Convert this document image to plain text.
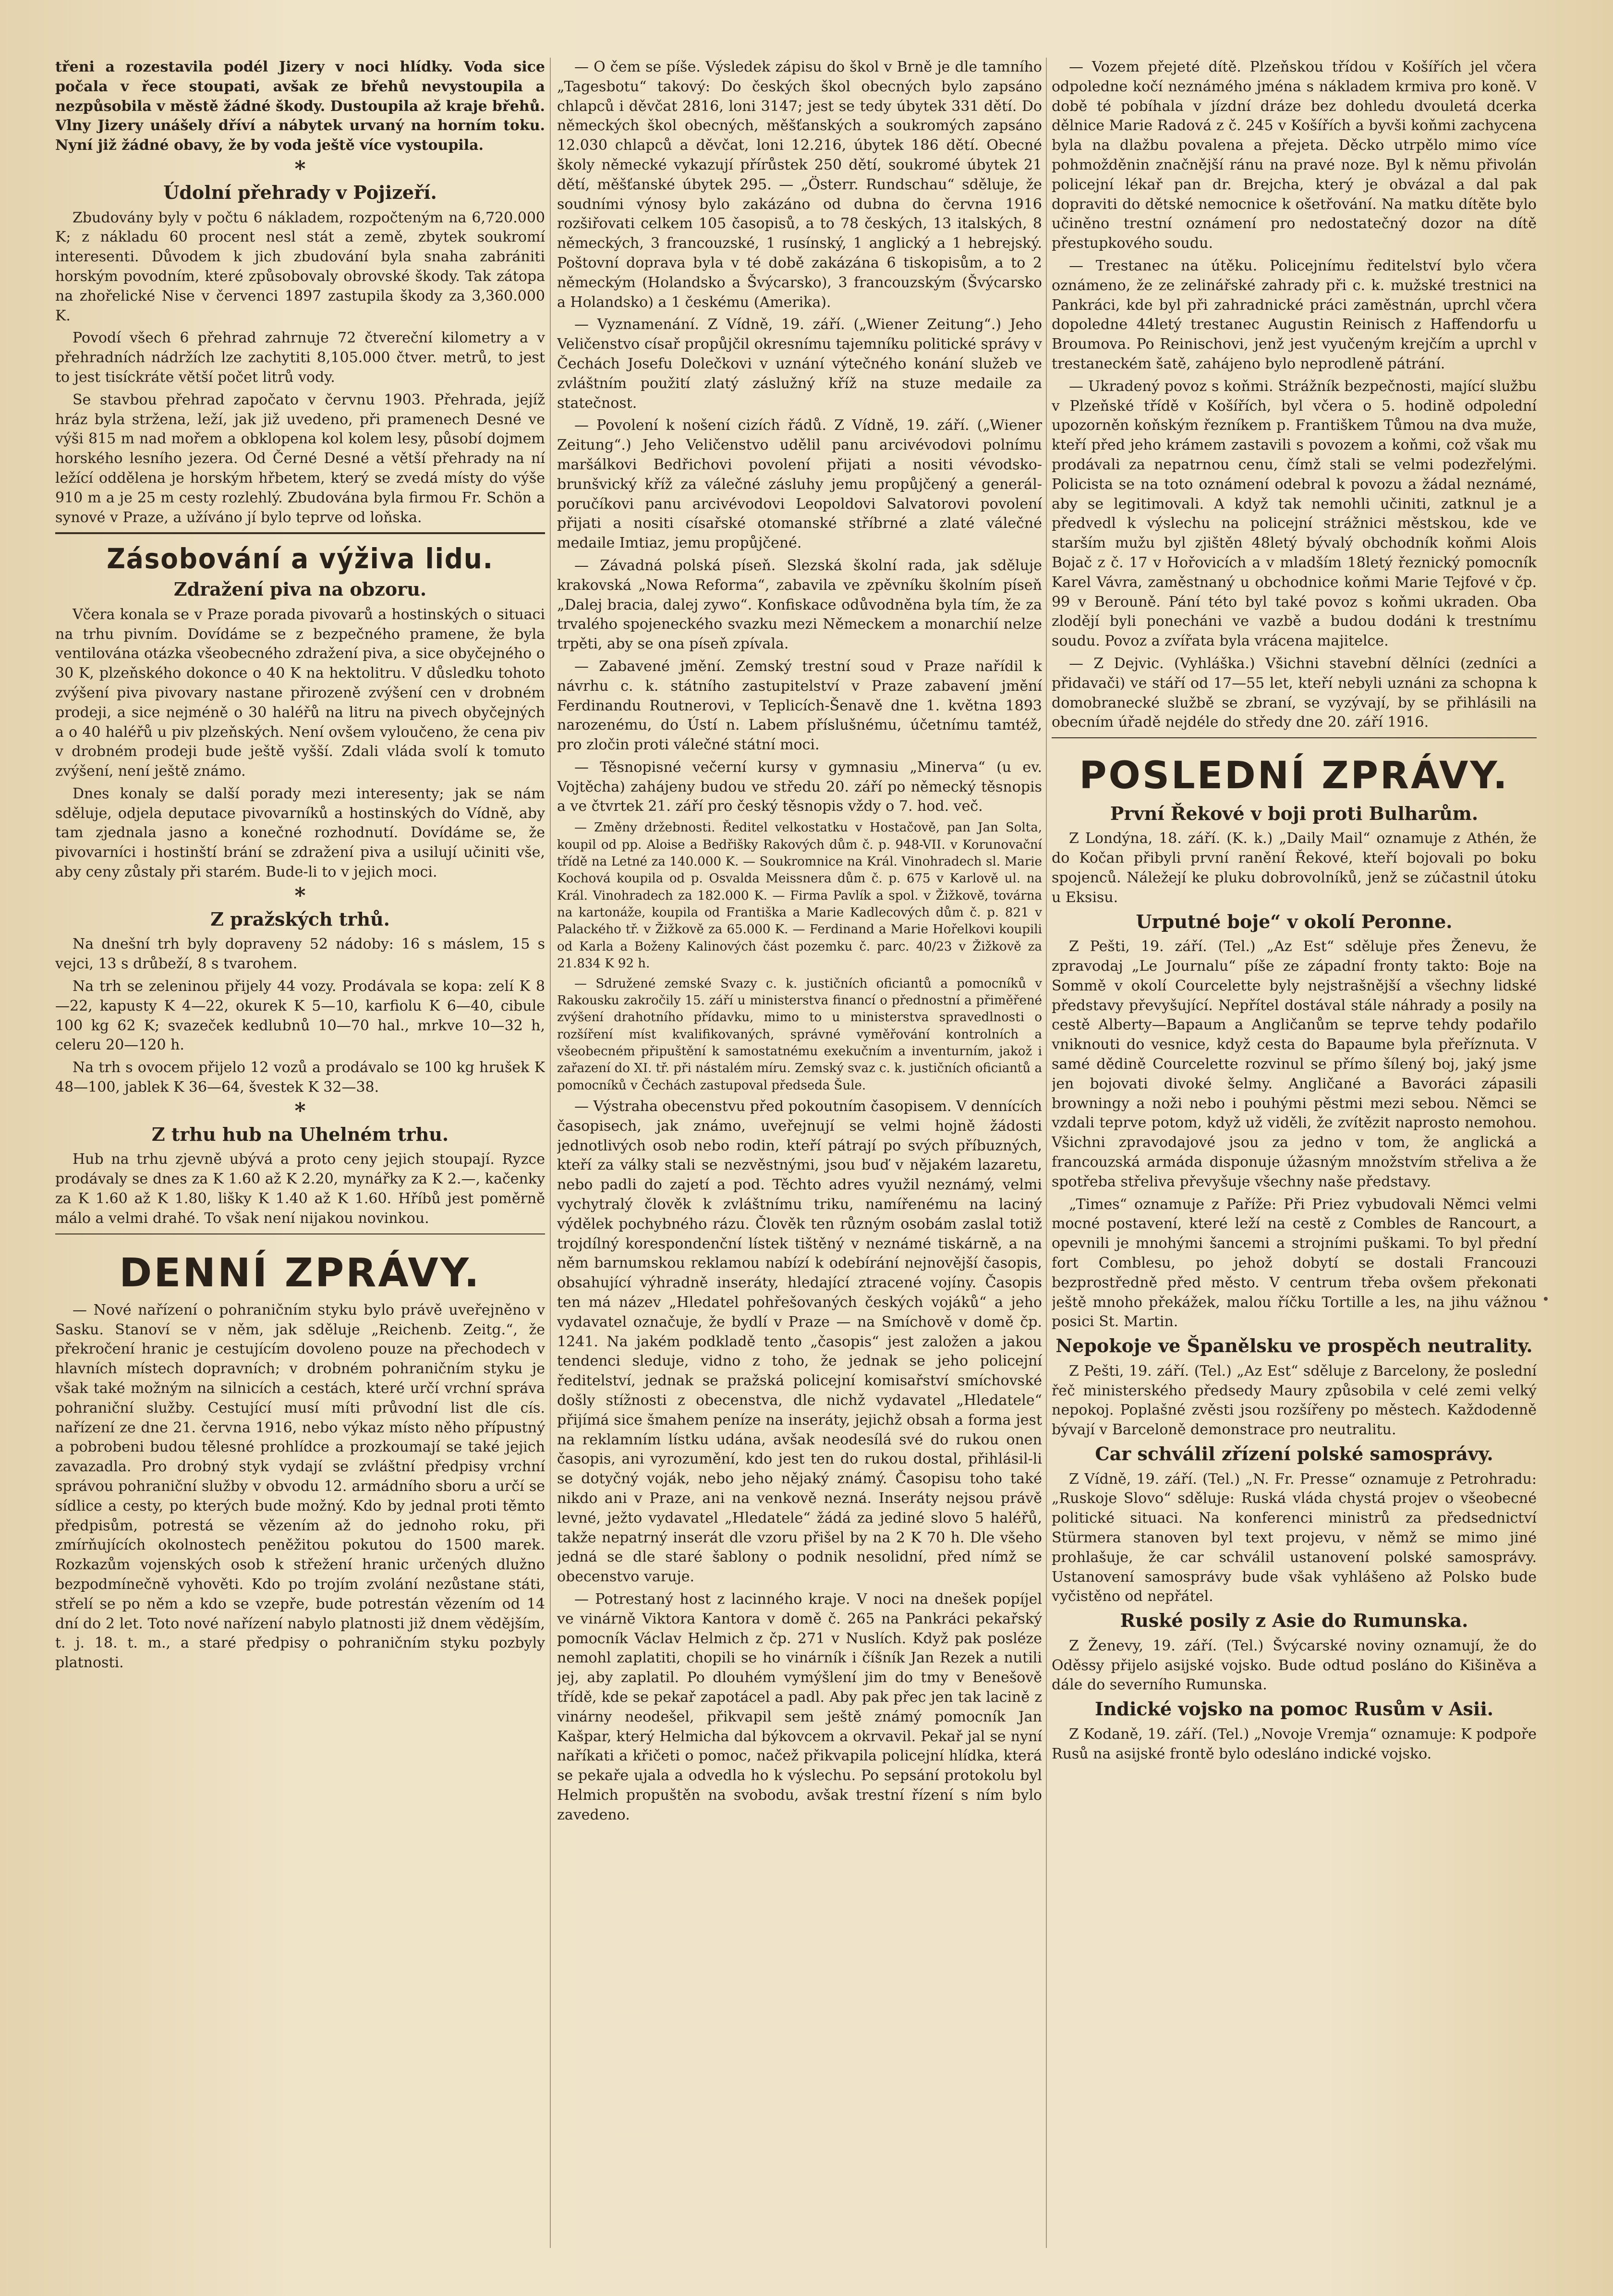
třeni a rozestavila podél Jizery v noci hlídky. Voda sice počala v řece stoupati, avšak ze břehů nevystoupila a nezpůsobila v městě žádné škody. Dustoupila až kraje břehů. Vlny Jizery unášely dříví a nábytek urvaný na horním toku. Nyní již žádné obavy, že by voda ještě více vystoupila.

*
Údolní přehrady v Pojizeří.

Zbudovány byly v počtu 6 nákladem, rozpočteným na 6,720.000 K; z nákladu 60 procent nesl stát a země, zbytek soukromí interesenti. Důvodem k jich zbudování byla snaha zabrániti horským povodním, které způsobovaly obrovské škody. Tak zátopa na zhořelické Nise v červenci 1897 zastupila škody za 3,360.000 K.

Povodí všech 6 přehrad zahrnuje 72 čtvereční kilometry a v přehradních nádržích lze zachytiti 8,105.000 čtver. metrů, to jest to jest tisíckráte větší počet litrů vody.

Se stavbou přehrad započato v červnu 1903. Přehrada, jejíž hráz byla stržena, leží, jak již uvedeno, při pramenech Desné ve výši 815 m nad mořem a obklopena kol kolem lesy, působí dojmem horského lesního jezera. Od Černé Desné a větší přehrady na ní ležící oddělena je horským hřbetem, který se zvedá místy do výše 910 m a je 25 m cesty rozlehlý. Zbudována byla firmou Fr. Schön a synové v Praze, a užíváno jí bylo teprve od loňska.

Zásobování a výživa lidu.
Zdražení piva na obzoru.

Včera konala se v Praze porada pivovarů a hostinských o situaci na trhu pivním. Dovídáme se z bezpečného pramene, že byla ventilována otázka všeobecného zdražení piva, a sice obyčejného o 30 K, plzeňského dokonce o 40 K na hektolitru. V důsledku tohoto zvýšení piva pivovary nastane přirozeně zvýšení cen v drobném prodeji, a sice nejméně o 30 haléřů na litru na pivech obyčejných a o 40 haléřů u piv plzeňských. Není ovšem vyloučeno, že cena piv v drobném prodeji bude ještě vyšší. Zdali vláda svolí k tomuto zvýšení, není ještě známo.

Dnes konaly se další porady mezi interesenty; jak se nám sděluje, odjela deputace pivovarníků a hostinských do Vídně, aby tam zjednala jasno a konečné rozhodnutí. Dovídáme se, že pivovarníci i hostinští brání se zdražení piva a usilují učiniti vše, aby ceny zůstaly při starém. Bude-li to v jejich moci.

*
Z pražských trhů.

Na dnešní trh byly dopraveny 52 nádoby: 16 s máslem, 15 s vejci, 13 s drůbeží, 8 s tvarohem.

Na trh se zeleninou přijely 44 vozy. Prodávala se kopa: zelí K 8—22, kapusty K 4—22, okurek K 5—10, karfiolu K 6—40, cibule 100 kg 62 K; svazeček kedlubnů 10—70 hal., mrkve 10—32 h, celeru 20—120 h.

Na trh s ovocem přijelo 12 vozů a prodávalo se 100 kg hrušek K 48—100, jablek K 36—64, švestek K 32—38.

*
Z trhu hub na Uhelném trhu.

Hub na trhu zjevně ubývá a proto ceny jejich stoupají. Ryzce prodávaly se dnes za K 1.60 až K 2.20, mynářky za K 2.—, kačenky za K 1.60 až K 1.80, lišky K 1.40 až K 1.60. Hříbů jest poměrně málo a velmi drahé. To však není nijakou novinkou.

DENNÍ ZPRÁVY.

— Nové nařízení o pohraničním styku bylo právě uveřejněno v Sasku. Stanoví se v něm, jak sděluje „Reichenb. Zeitg.“, že překročení hranic je cestujícím dovoleno pouze na přechodech v hlavních místech dopravních; v drobném pohraničním styku je však také možným na silnicích a cestách, které určí vrchní správa pohraniční služby. Cestující musí míti průvodní list dle cís. nařízení ze dne 21. června 1916, nebo výkaz místo něho přípustný a pobrobeni budou tělesné prohlídce a prozkoumají se také jejich zavazadla. Pro drobný styk vydají se zvláštní předpisy vrchní správou pohraniční služby v obvodu 12. armádního sboru a určí se sídlice a cesty, po kterých bude možný. Kdo by jednal proti těmto předpisům, potrestá se vězením až do jednoho roku, při zmírňujících okolnostech peněžitou pokutou do 1500 marek. Rozkazům vojenských osob k střežení hranic určených dlužno bezpodmínečně vyhověti. Kdo po trojím zvolání nezůstane státi, střelí se po něm a kdo se vzepře, bude potrestán vězením od 14 dní do 2 let. Toto nové nařízení nabylo platnosti již dnem vědějším, t. j. 18. t. m., a staré předpisy o pohraničním styku pozbyly platnosti.

— O čem se píše. Výsledek zápisu do škol v Brně je dle tamního „Tagesbotu“ takový: Do českých škol obecných bylo zapsáno chlapců i děvčat 2816, loni 3147; jest se tedy úbytek 331 dětí. Do německých škol obecných, měšťanských a soukromých zapsáno 12.030 chlapců a děvčat, loni 12.216, úbytek 186 dětí. Obecné školy německé vykazují přírůstek 250 dětí, soukromé úbytek 21 dětí, měšťanské úbytek 295. — „Österr. Rundschau“ sděluje, že soudními výnosy bylo zakázáno od dubna do června 1916 rozšiřovati celkem 105 časopisů, a to 78 českých, 13 italských, 8 německých, 3 francouzské, 1 rusínský, 1 anglický a 1 hebrejský. Poštovní doprava byla v té době zakázána 6 tiskopisům, a to 2 německým (Holandsko a Švýcarsko), 3 francouzským (Švýcarsko a Holandsko) a 1 českému (Amerika).

— Vyznamenání. Z Vídně, 19. září. („Wiener Zeitung“.) Jeho Veličenstvo císař propůjčil okresnímu tajemníku politické správy v Čechách Josefu Dolečkovi v uznání výtečného konání služeb ve zvláštním použití zlatý záslužný kříž na stuze medaile za statečnost.

— Povolení k nošení cizích řádů. Z Vídně, 19. září. („Wiener Zeitung“.) Jeho Veličenstvo udělil panu arcivévodovi polnímu maršálkovi Bedřichovi povolení přijati a nositi vévodsko-brunšvický kříž za válečné zásluhy jemu propůjčený a generál-poručíkovi panu arcivévodovi Leopoldovi Salvatorovi povolení přijati a nositi císařské otomanské stříbrné a zlaté válečné medaile Imtiaz, jemu propůjčené.

— Závadná polská píseň. Slezská školní rada, jak sděluje krakovská „Nowa Reforma“, zabavila ve zpěvníku školním píseň „Dalej bracia, dalej zywo“. Konfiskace odůvodněna byla tím, že za trvalého spojeneckého svazku mezi Německem a monarchií nelze trpěti, aby se ona píseň zpívala.

— Zabavené jmění. Zemský trestní soud v Praze nařídil k návrhu c. k. státního zastupitelství v Praze zabavení jmění Ferdinandu Routnerovi, v Teplicích-Šenavě dne 1. května 1893 narozenému, do Ústí n. Labem příslušnému, účetnímu tamtéž, pro zločin proti válečné státní moci.

— Těsnopisné večerní kursy v gymnasiu „Minerva“ (u ev. Vojtěcha) zahájeny budou ve středu 20. září po německý těsnopis a ve čtvrtek 21. září pro český těsnopis vždy o 7. hod. več.

— Změny držebnosti. Ředitel velkostatku v Hostačově, pan Jan Solta, koupil od pp. Aloise a Bedřišky Rakových dům č. p. 948-VII. v Korunovační třídě na Letné za 140.000 K. — Soukromnice na Král. Vinohradech sl. Marie Kochová koupila od p. Osvalda Meissnera dům č. p. 675 v Karlově ul. na Král. Vinohradech za 182.000 K. — Firma Pavlík a spol. v Žižkově, továrna na kartonáže, koupila od Františka a Marie Kadlecových dům č. p. 821 v Palackého tř. v Žižkově za 65.000 K. — Ferdinand a Marie Hořelkovi koupili od Karla a Boženy Kalinových část pozemku č. parc. 40/23 v Žižkově za 21.834 K 92 h.

— Sdružené zemské Svazy c. k. justičních oficiantů a pomocníků v Rakousku zakročily 15. září u ministerstva financí o přednostní a přiměřené zvýšení drahotního přídavku, mimo to u ministerstva spravedlnosti o rozšíření míst kvalifikovaných, správné vyměřování kontrolních a všeobecném připuštění k samostatnému exekučním a inventurním, jakož i zařazení do XI. tř. při nástalém míru. Zemský svaz c. k. justičních oficiantů a pomocníků v Čechách zastupoval předseda Šule.

— Výstraha obecenstvu před pokoutním časopisem. V dennících časopisech, jak známo, uveřejnují se velmi hojně žádosti jednotlivých osob nebo rodin, kteří pátrají po svých příbuzných, kteří za války stali se nezvěstnými, jsou buď v nějakém lazaretu, nebo padli do zajetí a pod. Těchto adres využil neznámý, velmi vychytralý člověk k zvláštnímu triku, namířenému na laciný výdělek pochybného rázu. Člověk ten různým osobám zaslal totiž trojdílný korespondenční lístek tištěný v neznámé tiskárně, a na něm barnumskou reklamou nabízí k odebírání nejnovější časopis, obsahující výhradně inseráty, hledající ztracené vojíny. Časopis ten má název „Hledatel pohřešovaných českých vojáků“ a jeho vydavatel označuje, že bydlí v Praze — na Smíchově v domě čp. 1241. Na jakém podkladě tento „časopis“ jest založen a jakou tendenci sleduje, vidno z toho, že jednak se jeho policejní ředitelství, jednak se pražská policejní komisařství smíchovské došly stížnosti z obecenstva, dle nichž vydavatel „Hledatele“ přijímá sice šmahem peníze na inseráty, jejichž obsah a forma jest na reklamním lístku udána, avšak neodesílá své do rukou onen časopis, ani vyrozumění, kdo jest ten do rukou dostal, přihlásil-li se dotyčný voják, nebo jeho nějaký známý. Časopisu toho také nikdo ani v Praze, ani na venkově nezná. Inseráty nejsou právě levné, ježto vydavatel „Hledatele“ žádá za jediné slovo 5 haléřů, takže nepatrný inserát dle vzoru přišel by na 2 K 70 h. Dle všeho jedná se dle staré šablony o podnik nesolidní, před nímž se obecenstvo varuje.

— Potrestaný host z lacinného kraje. V noci na dnešek popíjel ve vinárně Viktora Kantora v domě č. 265 na Pankráci pekařský pomocník Václav Helmich z čp. 271 v Nuslích. Když pak posléze nemohl zaplatiti, chopili se ho vinárník i číšník Jan Rezek a nutili jej, aby zaplatil. Po dlouhém vymýšlení jim do tmy v Benešově třídě, kde se pekař zapotácel a padl. Aby pak přec jen tak lacině z vinárny neodešel, přikvapil sem ještě známý pomocník Jan Kašpar, který Helmicha dal býkovcem a okrvavil. Pekař jal se nyní naříkati a křičeti o pomoc, načež přikvapila policejní hlídka, která se pekaře ujala a odvedla ho k výslechu. Po sepsání protokolu byl Helmich propuštěn na svobodu, avšak trestní řízení s ním bylo zavedeno.

— Vozem přejeté dítě. Plzeňskou třídou v Košířích jel včera odpoledne kočí neznámého jména s nákladem krmiva pro koně. V době té pobíhala v jízdní dráze bez dohledu dvouletá dcerka dělnice Marie Radová z č. 245 v Košířích a byvši koňmi zachycena byla na dlažbu povalena a přejeta. Děcko utrpělo mimo více pohmožděnin značnější ránu na pravé noze. Byl k němu přivolán policejní lékař pan dr. Brejcha, který je obvázal a dal pak dopraviti do dětské nemocnice k ošetřování. Na matku dítěte bylo učiněno trestní oznámení pro nedostatečný dozor na dítě přestupkového soudu.

— Trestanec na útěku. Policejnímu ředitelství bylo včera oznámeno, že ze zelinářské zahrady při c. k. mužské trestnici na Pankráci, kde byl při zahradnické práci zaměstnán, uprchl včera dopoledne 44letý trestanec Augustin Reinisch z Haffendorfu u Broumova. Po Reinischovi, jenž jest vyučeným krejčím a uprchl v trestaneckém šatě, zahájeno bylo neprodleně pátrání.

— Ukradený povoz s koňmi. Strážník bezpečnosti, mající službu v Plzeňské třídě v Košířích, byl včera o 5. hodině odpolední upozorněn koňským řezníkem p. Františkem Tůmou na dva muže, kteří před jeho krámem zastavili s povozem a koňmi, což však mu prodávali za nepatrnou cenu, čímž stali se velmi podezřelými. Policista se na toto oznámení odebral k povozu a žádal neznámé, aby se legitimovali. A když tak nemohli učiniti, zatknul je a předvedl k výslechu na policejní strážnici městskou, kde ve starším mužu byl zjištěn 48letý bývalý obchodník koňmi Alois Bojač z č. 17 v Hořovicích a v mladším 18letý řeznický pomocník Karel Vávra, zaměstnaný u obchodnice koňmi Marie Tejfové v čp. 99 v Berouně. Pání této byl také povoz s koňmi ukraden. Oba zlodějí byli ponecháni ve vazbě a budou dodáni k trestnímu soudu. Povoz a zvířata byla vrácena majitelce.

— Z Dejvic. (Vyhláška.) Všichni stavební dělníci (zedníci a přidavači) ve stáří od 17—55 let, kteří nebyli uznáni za schopna k domobranecké službě se zbraní, se vyzývají, by se přihlásili na obecním úřadě nejdéle do středy dne 20. září 1916.

POSLEDNÍ ZPRÁVY.
První Řekové v boji proti Bulharům.

Z Londýna, 18. září. (K. k.) „Daily Mail“ oznamuje z Athén, že do Kočan přibyli první ranění Řekové, kteří bojovali po boku spojenců. Náležejí ke pluku dobrovolníků, jenž se zúčastnil útoku u Eksisu.

Urputné boje“ v okolí Peronne.

Z Pešti, 19. září. (Tel.) „Az Est“ sděluje přes Ženevu, že zpravodaj „Le Journalu“ píše ze západní fronty takto: Boje na Sommě v okolí Courcelette byly nejstrašnější a všechny lidské představy převyšující. Nepřítel dostával stále náhrady a posily na cestě Alberty—Bapaum a Angličanům se teprve tehdy podařilo vniknouti do vesnice, když cesta do Bapaume byla přeříznuta. V samé dědině Courcelette rozvinul se přímo šílený boj, jaký jsme jen bojovati divoké šelmy. Angličané a Bavoráci zápasili browningy a noži nebo i pouhými pěstmi mezi sebou. Němci se vzdali teprve potom, když už viděli, že zvítězit naprosto nemohou. Všichni zpravodajové jsou za jedno v tom, že anglická a francouzská armáda disponuje úžasným množstvím střeliva a že spotřeba střeliva převyšuje všechny naše představy.

„Times“ oznamuje z Paříže: Při Priez vybudovali Němci velmi mocné postavení, které leží na cestě z Combles de Rancourt, a opevnili je mnohými šancemi a strojními puškami. To byl přední fort Comblesu, po jehož dobytí se dostali Francouzi bezprostředně před město. V centrum třeba ovšem překonati ještě mnoho překážek, malou říčku Tortille a les, na jihu vážnou posici St. Martin.

Nepokoje ve Španělsku ve prospěch neutrality.

Z Pešti, 19. září. (Tel.) „Az Est“ sděluje z Barcelony, že poslední řeč ministerského předsedy Maury způsobila v celé zemi velký nepokoj. Poplašné zvěsti jsou rozšířeny po městech. Každodenně bývají v Barceloně demonstrace pro neutralitu.

Car schválil zřízení polské samosprávy.

Z Vídně, 19. září. (Tel.) „N. Fr. Presse“ oznamuje z Petrohradu: „Ruskoje Slovo“ sděluje: Ruská vláda chystá projev o všeobecné politické situaci. Na konferenci ministrů za předsednictví Stürmera stanoven byl text projevu, v němž se mimo jiné prohlašuje, že car schválil ustanovení polské samosprávy. Ustanovení samosprávy bude však vyhlášeno až Polsko bude vyčistěno od nepřátel.

Ruské posily z Asie do Rumunska.

Z Ženevy, 19. září. (Tel.) Švýcarské noviny oznamují, že do Oděssy přijelo asijské vojsko. Bude odtud posláno do Kišiněva a dále do severního Rumunska.

Indické vojsko na pomoc Rusům v Asii.

Z Kodaně, 19. září. (Tel.) „Novoje Vremja“ oznamuje: K podpoře Rusů na asijské frontě bylo odesláno indické vojsko.
